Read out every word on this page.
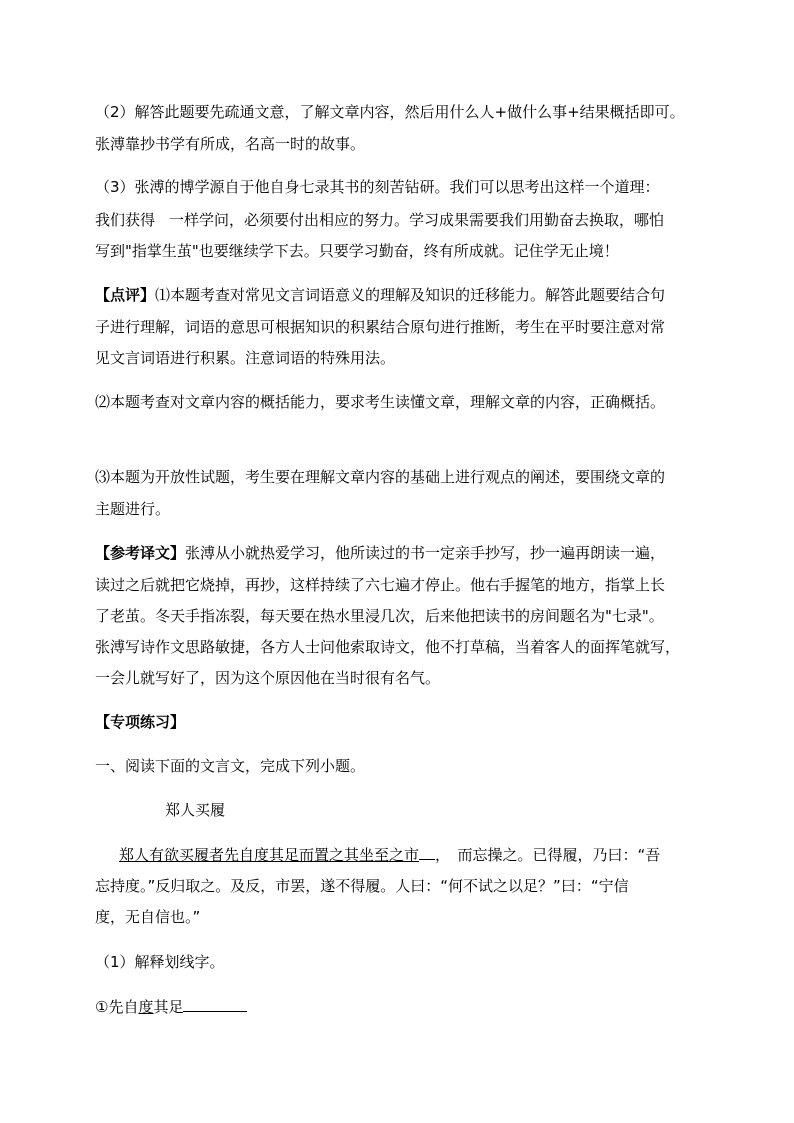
（2）解答此题要先疏通文意，了解文章内容，然后用什么人+做什么事+结果概括即可。
张溥靠抄书学有所成，名高一时的故事。
（3）张溥的博学源自于他自身七录其书的刻苦钻研。我们可以思考出这样一个道理：
我们获得 一样学问，必须要付出相应的努力。学习成果需要我们用勤奋去换取，哪怕
写到"指掌生茧"也要继续学下去。只要学习勤奋，终有所成就。记住学无止境！
【点评】⑴本题考查对常见文言词语意义的理解及知识的迁移能力。解答此题要结合句
子进行理解，词语的意思可根据知识的积累结合原句进行推断，考生在平时要注意对常
见文言词语进行积累。注意词语的特殊用法。
⑵本题考查对文章内容的概括能力，要求考生读懂文章，理解文章的内容，正确概括。
⑶本题为开放性试题，考生要在理解文章内容的基础上进行观点的阐述，要围绕文章的
主题进行。
【参考译文】张溥从小就热爱学习，他所读过的书一定亲手抄写，抄一遍再朗读一遍，
读过之后就把它烧掉，再抄，这样持续了六七遍才停止。他右手握笔的地方，指掌上长
了老茧。冬天手指冻裂，每天要在热水里浸几次，后来他把读书的房间题名为"七录"。
张溥写诗作文思路敏捷，各方人士问他索取诗文，他不打草稿，当着客人的面挥笔就写，
一会儿就写好了，因为这个原因他在当时很有名气。
【专项练习】
一、阅读下面的文言文，完成下列小题。
郑人买履
郑人有欲买履者先自度其足而置之其坐至之市 ，　而忘操之。已得履，乃曰：“吾
忘持度。”反归取之。及反，市罢，遂不得履。人曰：“何不试之以足？”曰：“宁信
度，无自信也。”
（1）解释划线字。
①先自度其足
